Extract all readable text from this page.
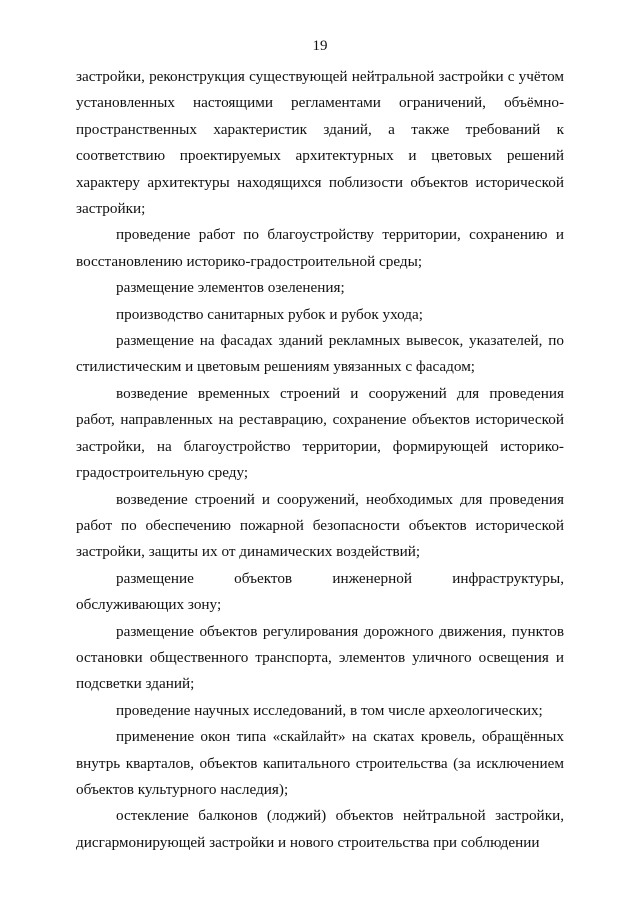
19

застройки, реконструкция существующей нейтральной застройки с учётом установленных настоящими регламентами ограничений, объёмно-пространственных характеристик зданий, а также требований к соответствию проектируемых архитектурных и цветовых решений характеру архитектуры находящихся поблизости объектов исторической застройки;

проведение работ по благоустройству территории, сохранению и восстановлению историко-градостроительной среды;

размещение элементов озеленения;

производство санитарных рубок и рубок ухода;

размещение на фасадах зданий рекламных вывесок, указателей, по стилистическим и цветовым решениям увязанных с фасадом;

возведение временных строений и сооружений для проведения работ, направленных на реставрацию, сохранение объектов исторической застройки, на благоустройство территории, формирующей историко-градостроительную среду;

возведение строений и сооружений, необходимых для проведения работ по обеспечению пожарной безопасности объектов исторической застройки, защиты их от динамических воздействий;

размещение объектов инженерной инфраструктуры, обслуживающих зону;

размещение объектов регулирования дорожного движения, пунктов остановки общественного транспорта, элементов уличного освещения и подсветки зданий;

проведение научных исследований, в том числе археологических;

применение окон типа «скайлайт» на скатах кровель, обращённых внутрь кварталов, объектов капитального строительства (за исключением объектов культурного наследия);

остекление балконов (лоджий) объектов нейтральной застройки, дисгармонирующей застройки и нового строительства при соблюдении
